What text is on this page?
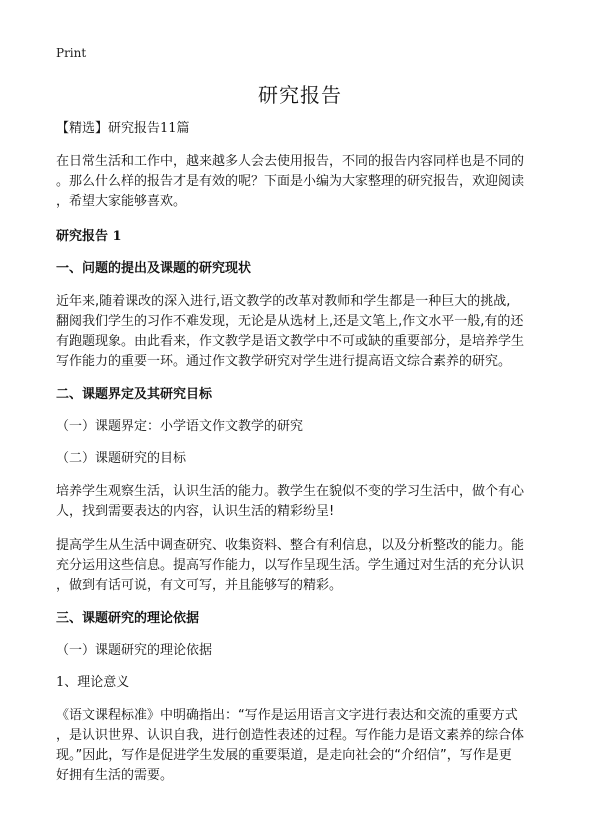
Print
研究报告
【精选】研究报告11篇

在日常生活和工作中，越来越多人会去使用报告，不同的报告内容同样也是不同的

。那么什么样的报告才是有效的呢？下面是小编为大家整理的研究报告，欢迎阅读

，希望大家能够喜欢。

研究报告 1
一、问题的提出及课题的研究现状

近年来,随着课改的深入进行,语文教学的改革对教师和学生都是一种巨大的挑战,

翻阅我们学生的习作不难发现，无论是从选材上,还是文笔上,作文水平一般,有的还

有跑题现象。由此看来，作文教学是语文教学中不可或缺的重要部分，是培养学生

写作能力的重要一环。通过作文教学研究对学生进行提高语文综合素养的研究。

二、课题界定及其研究目标
（一）课题界定：小学语文作文教学的研究
（二）课题研究的目标

培养学生观察生活，认识生活的能力。教学生在貌似不变的学习生活中，做个有心

人，找到需要表达的内容，认识生活的精彩纷呈!

提高学生从生活中调查研究、收集资料、整合有利信息，以及分析整改的能力。能

充分运用这些信息。提高写作能力，以写作呈现生活。学生通过对生活的充分认识

，做到有话可说，有文可写，并且能够写的精彩。

三、课题研究的理论依据
（一）课题研究的理论依据
1、理论意义

《语文课程标准》中明确指出：“写作是运用语言文字进行表达和交流的重要方式

，是认识世界、认识自我，进行创造性表述的过程。写作能力是语文素养的综合体

现。”因此，写作是促进学生发展的重要渠道，是走向社会的“介绍信”，写作是更

好拥有生活的需要。
